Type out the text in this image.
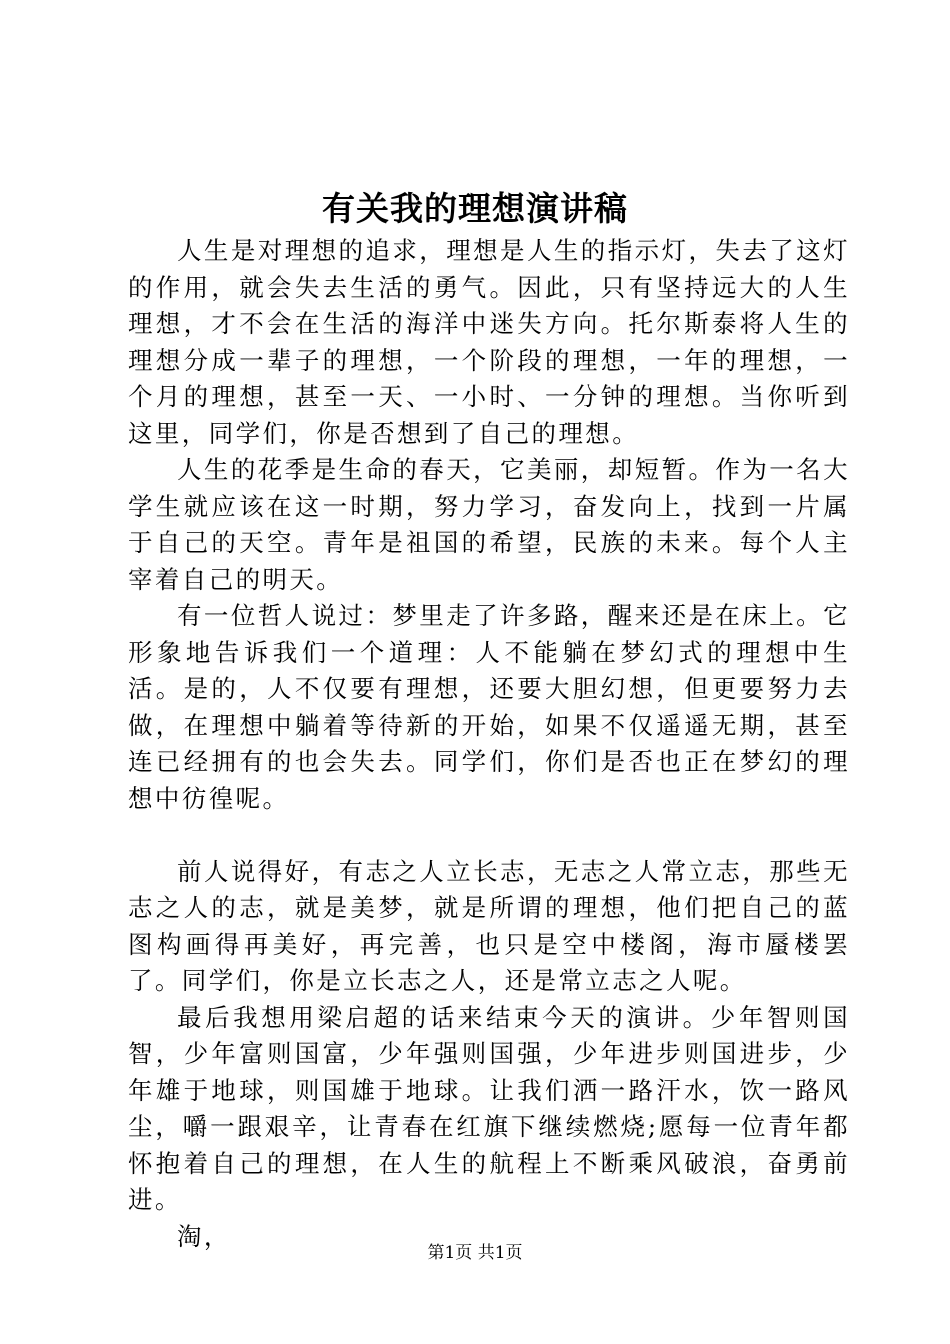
有关我的理想演讲稿

人生是对理想的追求，理想是人生的指示灯，失去了这灯的作用，就会失去生活的勇气。因此，只有坚持远大的人生理想，才不会在生活的海洋中迷失方向。托尔斯泰将人生的理想分成一辈子的理想，一个阶段的理想，一年的理想，一个月的理想，甚至一天、一小时、一分钟的理想。当你听到这里，同学们，你是否想到了自己的理想。

人生的花季是生命的春天，它美丽，却短暂。作为一名大学生就应该在这一时期，努力学习，奋发向上，找到一片属于自己的天空。青年是祖国的希望，民族的未来。每个人主宰着自己的明天。

有一位哲人说过：梦里走了许多路，醒来还是在床上。它形象地告诉我们一个道理：人不能躺在梦幻式的理想中生活。是的，人不仅要有理想，还要大胆幻想，但更要努力去做，在理想中躺着等待新的开始，如果不仅遥遥无期，甚至连已经拥有的也会失去。同学们，你们是否也正在梦幻的理想中彷徨呢。

前人说得好，有志之人立长志，无志之人常立志，那些无志之人的志，就是美梦，就是所谓的理想，他们把自己的蓝图构画得再美好，再完善，也只是空中楼阁，海市蜃楼罢了。同学们，你是立长志之人，还是常立志之人呢。

最后我想用梁启超的话来结束今天的演讲。少年智则国智，少年富则国富，少年强则国强，少年进步则国进步，少年雄于地球，则国雄于地球。让我们洒一路汗水，饮一路风尘，嚼一跟艰辛，让青春在红旗下继续燃烧;愿每一位青年都怀抱着自己的理想，在人生的航程上不断乘风破浪，奋勇前进。

淘，

第1页 共1页
